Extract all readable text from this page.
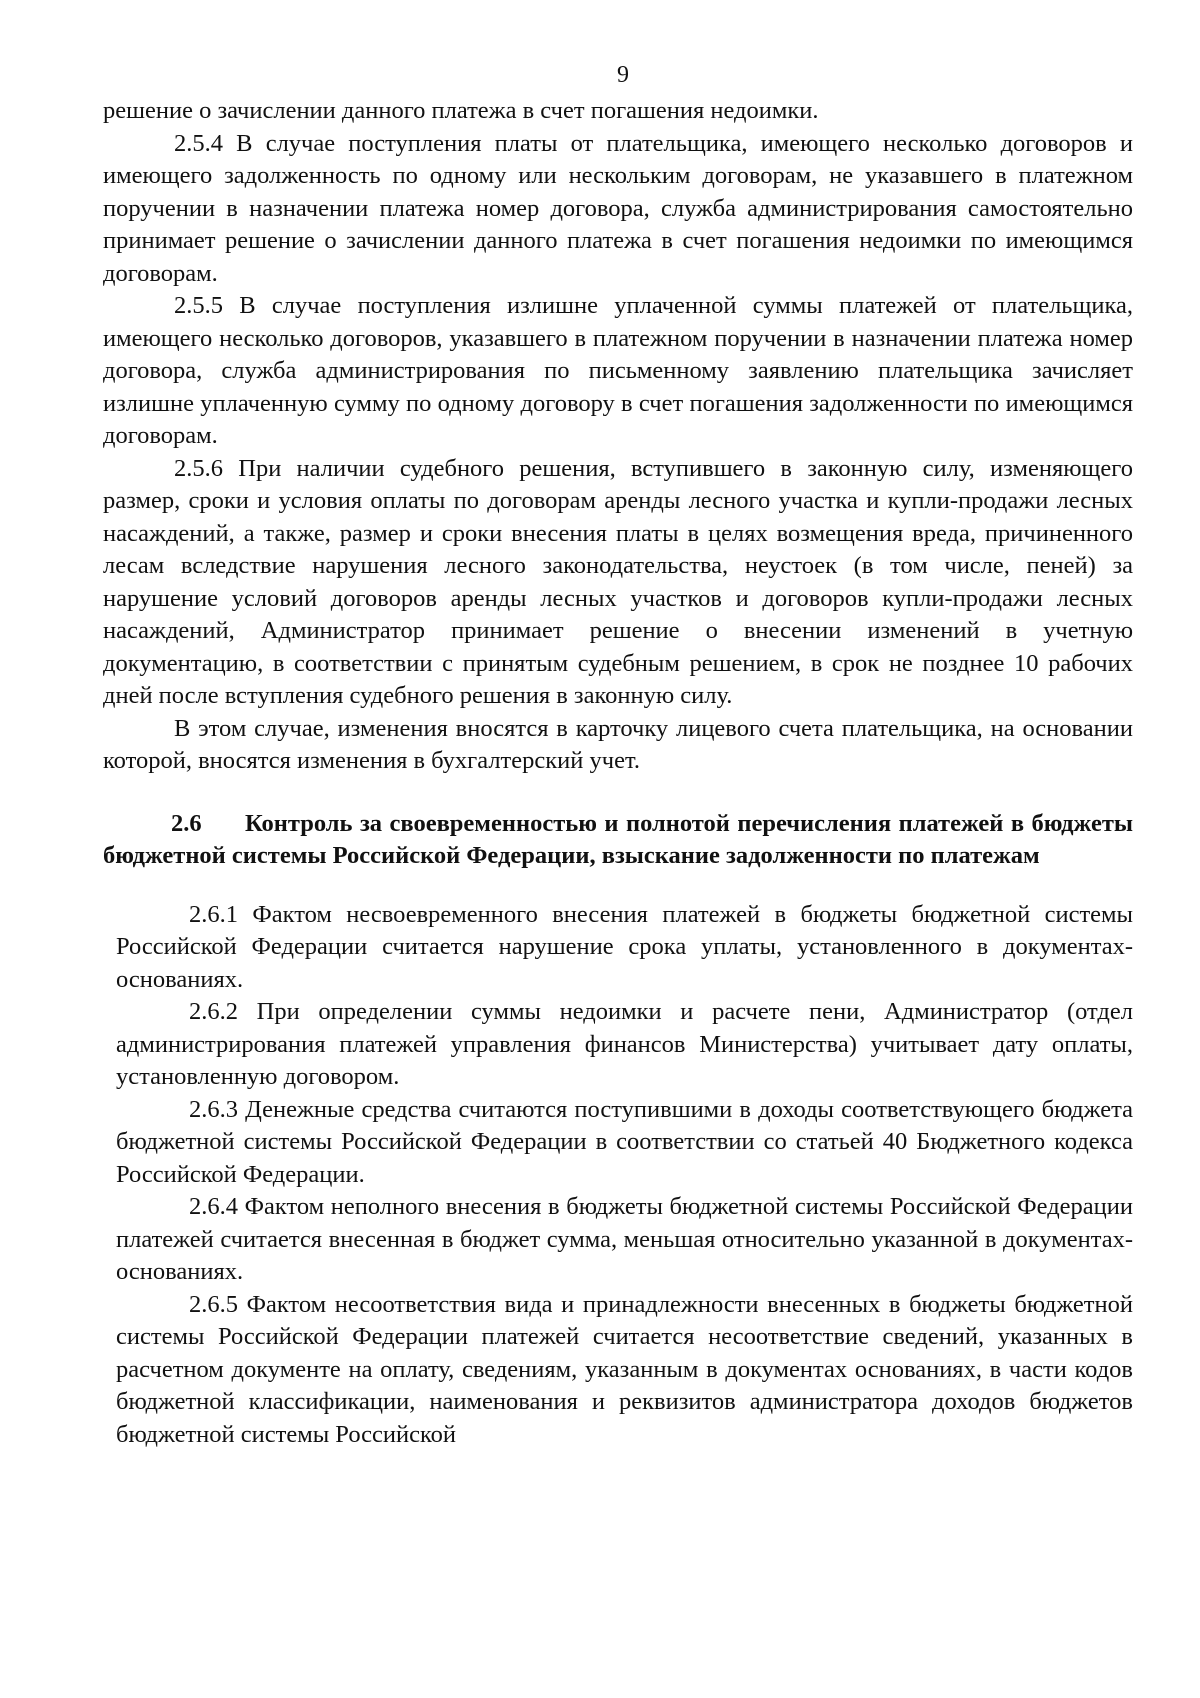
9

решение о зачислении данного платежа в счет погашения недоимки.

2.5.4 В случае поступления платы от плательщика, имеющего несколько договоров и имеющего задолженность по одному или нескольким договорам, не указавшего в платежном поручении в назначении платежа номер договора, служба администрирования самостоятельно принимает решение о зачислении данного платежа в счет погашения недоимки по имеющимся договорам.

2.5.5 В случае поступления излишне уплаченной суммы платежей от плательщика, имеющего несколько договоров, указавшего в платежном поручении в назначении платежа номер договора, служба администрирования по письменному заявлению плательщика зачисляет излишне уплаченную сумму по одному договору в счет погашения задолженности по имеющимся договорам.

2.5.6 При наличии судебного решения, вступившего в законную силу, изменяющего размер, сроки и условия оплаты по договорам аренды лесного участка и купли-продажи лесных насаждений, а также, размер и сроки внесения платы в целях возмещения вреда, причиненного лесам вследствие нарушения лесного законодательства, неустоек (в том числе, пеней) за нарушение условий договоров аренды лесных участков и договоров купли-продажи лесных насаждений, Администратор принимает решение о внесении изменений в учетную документацию, в соответствии с принятым судебным решением, в срок не позднее 10 рабочих дней после вступления судебного решения в законную силу.

В этом случае, изменения вносятся в карточку лицевого счета плательщика, на основании которой, вносятся изменения в бухгалтерский учет.

2.6 Контроль за своевременностью и полнотой перечисления платежей в бюджеты бюджетной системы Российской Федерации, взыскание задолженности по платежам

2.6.1 Фактом несвоевременного внесения платежей в бюджеты бюджетной системы Российской Федерации считается нарушение срока уплаты, установленного в документах-основаниях.

2.6.2 При определении суммы недоимки и расчете пени, Администратор (отдел администрирования платежей управления финансов Министерства) учитывает дату оплаты, установленную договором.

2.6.3 Денежные средства считаются поступившими в доходы соответствующего бюджета бюджетной системы Российской Федерации в соответствии со статьей 40 Бюджетного кодекса Российской Федерации.

2.6.4 Фактом неполного внесения в бюджеты бюджетной системы Российской Федерации платежей считается внесенная в бюджет сумма, меньшая относительно указанной в документах-основаниях.

2.6.5 Фактом несоответствия вида и принадлежности внесенных в бюджеты бюджетной системы Российской Федерации платежей считается несоответствие сведений, указанных в расчетном документе на оплату, сведениям, указанным в документах основаниях, в части кодов бюджетной классификации, наименования и реквизитов администратора доходов бюджетов бюджетной системы Российской
